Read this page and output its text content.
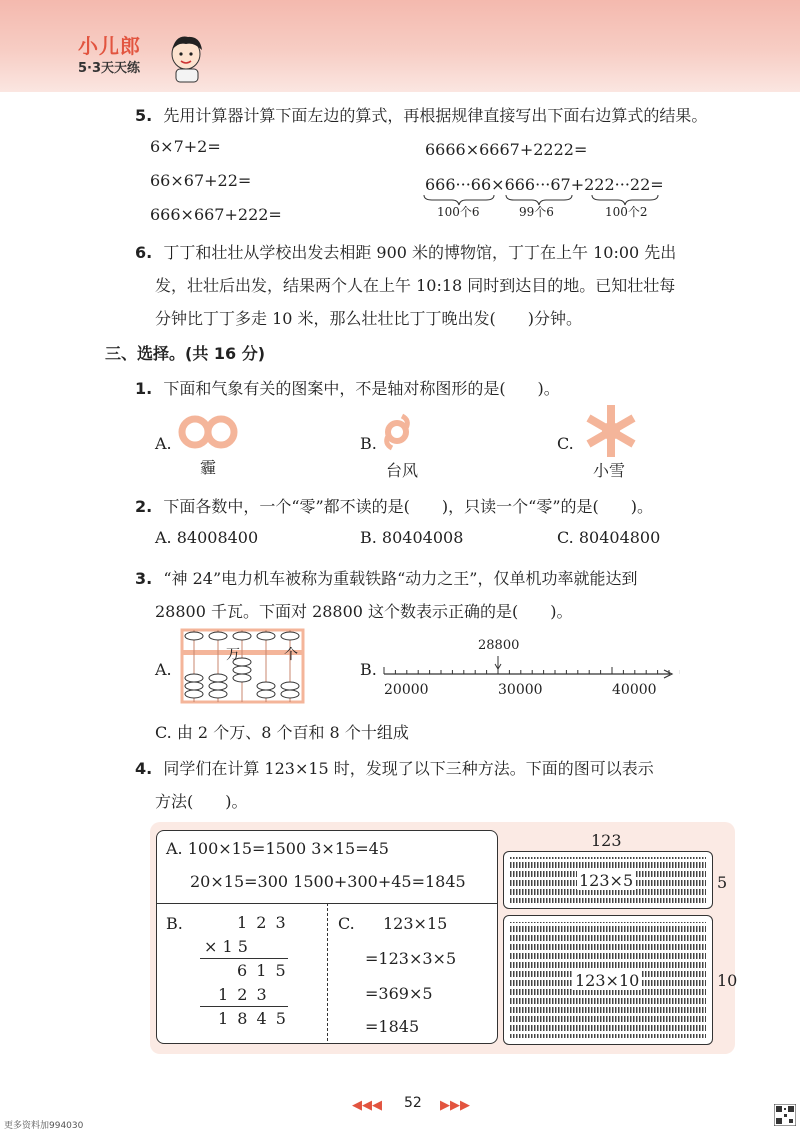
小儿郎
5·3天天练
5. 先用计算器计算下面左边的算式，再根据规律直接写出下面右边算式的结果。
6×7+2=
66×67+22=
666×667+222=
6666×6667+2222=
666···66×666···67+222···22=
100个6	99个6	100个2
6. 丁丁和壮壮从学校出发去相距 900 米的博物馆，丁丁在上午 10:00 先出
发，壮壮后出发，结果两个人在上午 10:18 同时到达目的地。已知壮壮每
分钟比丁丁多走 10 米，那么壮壮比丁丁晚出发(　　)分钟。
三、选择。(共 16 分)
1. 下面和气象有关的图案中，不是轴对称图形的是(　　)。
A.
霾
B.
台风
C.
小雪
2. 下面各数中，一个“零”都不读的是(　　)，只读一个“零”的是(　　)。
A. 84008400	B. 80404008	C. 80404800
3. “神 24”电力机车被称为重载铁路“动力之王”，仅单机功率就能达到
28800 千瓦。下面对 28800 这个数表示正确的是(　　)。
A.
万	个
B.
28800
20000	30000	40000
C. 由 2 个万、8 个百和 8 个十组成
4. 同学们在计算 123×15 时，发现了以下三种方法。下面的图可以表示
方法(　　)。
A. 100×15=1500 3×15=45
20×15=300 1500+300+45=1845
B.	1 2 3
× 1 5
6 1 5
1 2 3
1 8 4 5
C. 123×15
=123×3×5
=369×5
=1845
123
123×5	5
123×10	10
◀◀◀ 52 ▶▶▶
更多资料加994030
